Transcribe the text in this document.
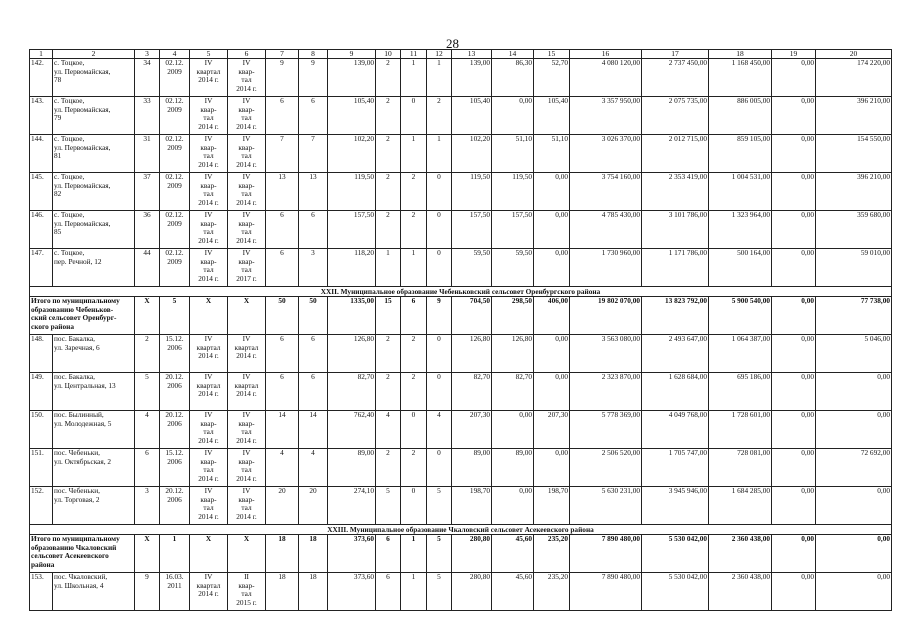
28
1	2	3	4	5	6	7	8	9	10	11	12	13	14	15	16	17	18	19	20
142.	с. Тоцкое,
ул. Первомайская,
78	34	02.12.
2009	IV
квартал
2014 г.	IV
квар-
тал
2014 г.	9	9	139,00	2	1	1	139,00	86,30	52,70	4 080 120,00	2 737 450,00	1 168 450,00	0,00	174 220,00
143.	с. Тоцкое,
ул. Первомайская,
79	33	02.12.
2009	IV
квар-
тал
2014 г.	IV
квар-
тал
2014 г.	6	6	105,40	2	0	2	105,40	0,00	105,40	3 357 950,00	2 075 735,00	886 005,00	0,00	396 210,00
144.	с. Тоцкое,
ул. Первомайская,
81	31	02.12.
2009	IV
квар-
тал
2014 г.	IV
квар-
тал
2014 г.	7	7	102,20	2	1	1	102,20	51,10	51,10	3 026 370,00	2 012 715,00	859 105,00	0,00	154 550,00
145.	с. Тоцкое,
ул. Первомайская,
82	37	02.12.
2009	IV
квар-
тал
2014 г.	IV
квар-
тал
2014 г.	13	13	119,50	2	2	0	119,50	119,50	0,00	3 754 160,00	2 353 419,00	1 004 531,00	0,00	396 210,00
146.	с. Тоцкое,
ул. Первомайская,
85	36	02.12.
2009	IV
квар-
тал
2014 г.	IV
квар-
тал
2014 г.	6	6	157,50	2	2	0	157,50	157,50	0,00	4 785 430,00	3 101 786,00	1 323 964,00	0,00	359 680,00
147.	с. Тоцкое,
пер. Речной, 12	44	02.12.
2009	IV
квар-
тал
2014 г.	IV
квар-
тал
2017 г.	6	3	118,20	1	1	0	59,50	59,50	0,00	1 730 960,00	1 171 786,00	500 164,00	0,00	59 010,00
XXII. Муниципальное образование Чебеньковский сельсовет Оренбургского района																			
Итого по муниципальному
образованию Чебеньков-
ский сельсовет Оренбург-
ского района		X	5	X	X	50	50	1335,00	15	6	9	704,50	298,50	406,00	19 802 070,00	13 823 792,00	5 900 540,00	0,00	77 738,00
148.	пос. Бакалка,
ул. Заречная, 6	2	15.12.
2006	IV
квартал
2014 г.	IV
квартал
2014 г.	6	6	126,80	2	2	0	126,80	126,80	0,00	3 563 080,00	2 493 647,00	1 064 387,00	0,00	5 046,00
149.	пос. Бакалка,
ул. Центральная, 13	5	20.12.
2006	IV
квартал
2014 г.	IV
квартал
2014 г.	6	6	82,70	2	2	0	82,70	82,70	0,00	2 323 870,00	1 628 684,00	695 186,00	0,00	0,00
150.	пос. Былинный,
ул. Молодежная, 5	4	20.12.
2006	IV
квар-
тал
2014 г.	IV
квар-
тал
2014 г.	14	14	762,40	4	0	4	207,30	0,00	207,30	5 778 369,00	4 049 768,00	1 728 601,00	0,00	0,00
151.	пос. Чебеньки,
ул. Октябрьская, 2	6	15.12.
2006	IV
квар-
тал
2014 г.	IV
квар-
тал
2014 г.	4	4	89,00	2	2	0	89,00	89,00	0,00	2 506 520,00	1 705 747,00	728 081,00	0,00	72 692,00
152.	пос. Чебеньки,
ул. Торговая, 2	3	20.12.
2006	IV
квар-
тал
2014 г.	IV
квар-
тал
2014 г.	20	20	274,10	5	0	5	198,70	0,00	198,70	5 630 231,00	3 945 946,00	1 684 285,00	0,00	0,00
XXIII. Муниципальное образование Чкаловский сельсовет Асекеевского района																			
Итого по муниципальному
образованию Чкаловский
сельсовет Асекеевского
района		X	1	X	X	18	18	373,60	6	1	5	280,80	45,60	235,20	7 890 480,00	5 530 042,00	2 360 438,00	0,00	0,00
153.	пос. Чкаловский,
ул. Школьная, 4	9	16.03.
2011	IV
квартал
2014 г.	II
квар-
тал
2015 г.	18	18	373,60	6	1	5	280,80	45,60	235,20	7 890 480,00	5 530 042,00	2 360 438,00	0,00	0,00
